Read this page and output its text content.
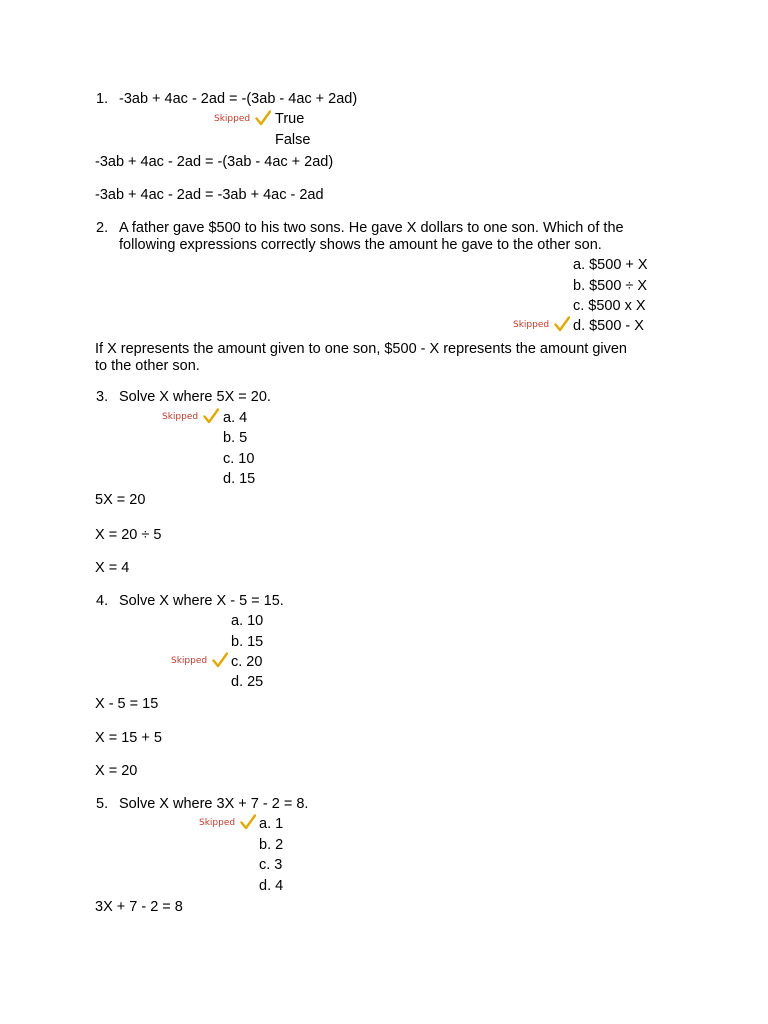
1. -3ab + 4ac - 2ad = -(3ab - 4ac + 2ad)
Skipped True
False
-3ab + 4ac - 2ad = -(3ab - 4ac + 2ad)
-3ab + 4ac - 2ad = -3ab + 4ac - 2ad
2. A father gave $500 to his two sons. He gave X dollars to one son. Which of the
following expressions correctly shows the amount he gave to the other son.
a. $500 + X
b. $500 ÷ X
c. $500 x X
Skipped d. $500 - X
If X represents the amount given to one son, $500 - X represents the amount given
to the other son.
3. Solve X where 5X = 20.
Skipped a. 4
b. 5
c. 10
d. 15
5X = 20
X = 20 ÷ 5
X = 4
4. Solve X where X - 5 = 15.
a. 10
b. 15
Skipped c. 20
d. 25
X - 5 = 15
X = 15 + 5
X = 20
5. Solve X where 3X + 7 - 2 = 8.
Skipped a. 1
b. 2
c. 3
d. 4
3X + 7 - 2 = 8
